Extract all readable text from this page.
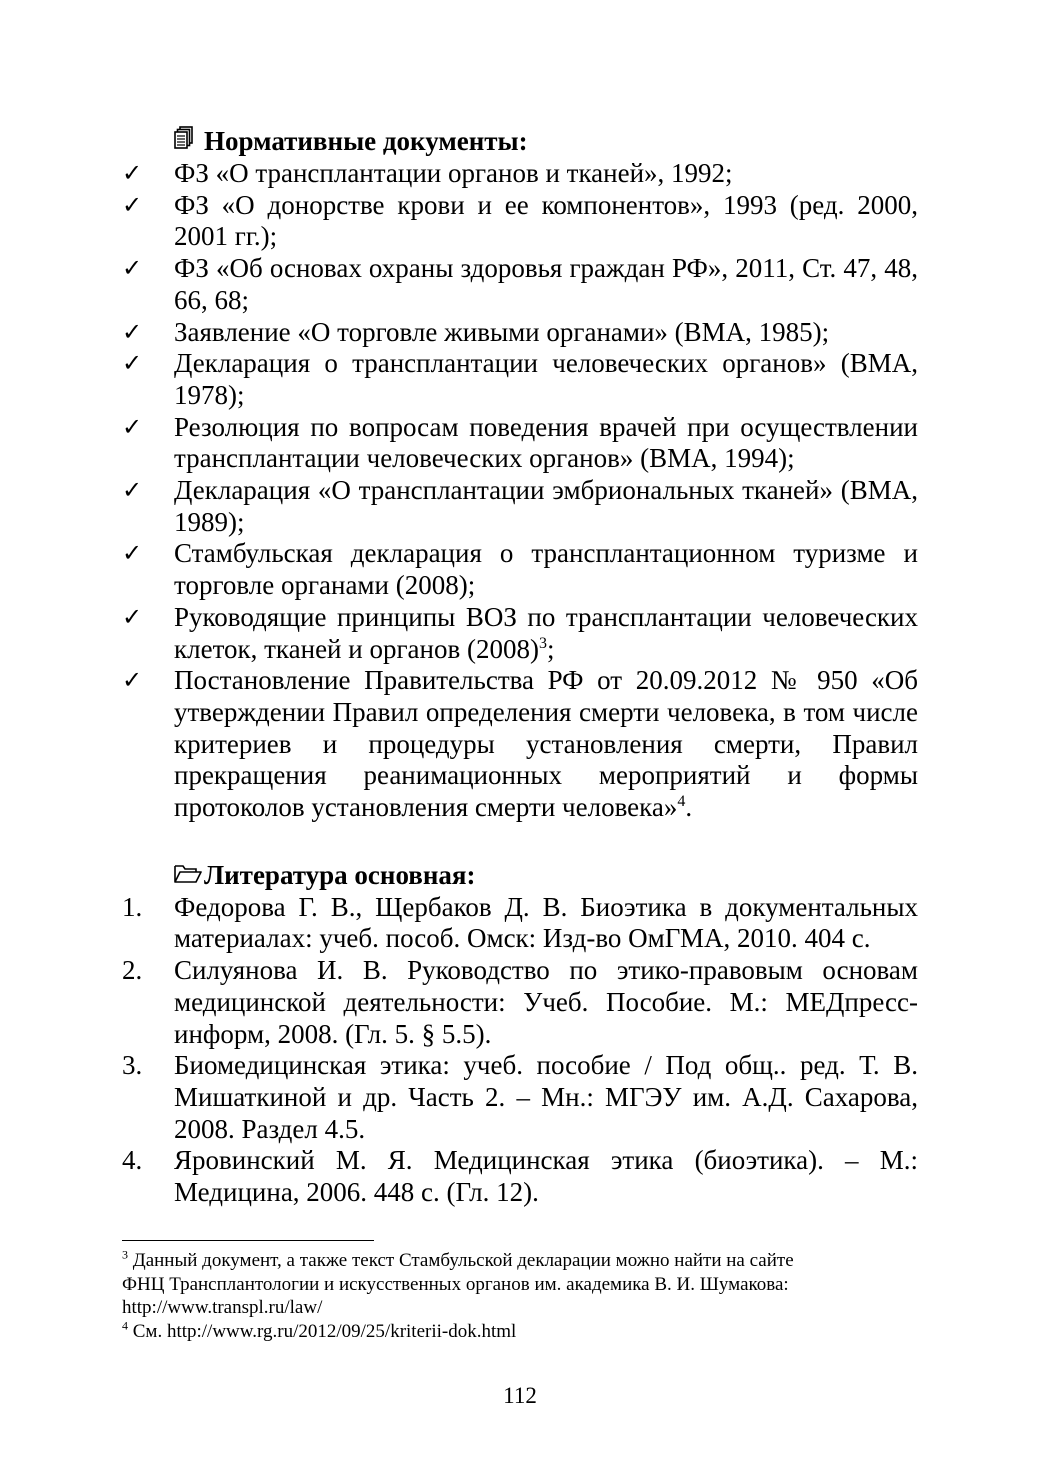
Нормативные документы:
✓	ФЗ «О трансплантации органов и тканей», 1992;
✓	ФЗ «О донорстве крови и ее компонентов», 1993 (ред. 2000, 2001 гг.);
✓	ФЗ «Об основах охраны здоровья граждан РФ», 2011, Ст. 47, 48, 66, 68;
✓	Заявление «О торговле живыми органами» (ВМА, 1985);
✓	Декларация о трансплантации человеческих органов» (ВМА, 1978);
✓	Резолюция по вопросам поведения врачей при осуществлении трансплантации человеческих органов» (ВМА, 1994);
✓	Декларация «О трансплантации эмбриональных тканей» (ВМА, 1989);
✓	Стамбульская декларация о трансплантационном туризме и торговле органами (2008);
✓	Руководящие принципы ВОЗ по трансплантации человеческих клеток, тканей и органов $(2008)^3$;
✓	Постановление Правительства РФ от 20.09.2012 № 950 «Об утверждении Правил определения смерти человека, в том числе критериев и процедуры установления смерти, Правил прекращения реанимационных мероприятий и формы протоколов установления смерти человека»$^4$.
Литература основная:
1.	Федорова Г. В., Щербаков Д. В. Биоэтика в документальных материалах: учеб. пособ. Омск: Изд-во ОмГМА, 2010. 404 с.
2.	Силуянова И. В. Руководство по этико-правовым основам медицинской деятельности: Учеб. Пособие. М.: МЕДпресс-информ, 2008. (Гл. 5. § 5.5).
3.	Биомедицинская этика: учеб. пособие / Под общ.. ред. Т. В. Мишаткиной и др. Часть 2. – Мн.: МГЭУ им. А.Д. Сахарова, 2008. Раздел 4.5.
4.	Яровинский М. Я. Медицинская этика (биоэтика). – М.: Медицина, 2006. 448 с. (Гл. 12).
$^3$ Данный документ, а также текст Стамбульской декларации можно найти на сайте
ФНЦ Трансплантологии и искусственных органов им. академика В. И. Шумакова:
http://www.transpl.ru/law/
$^4$ См. http://www.rg.ru/2012/09/25/kriterii-dok.html
112
